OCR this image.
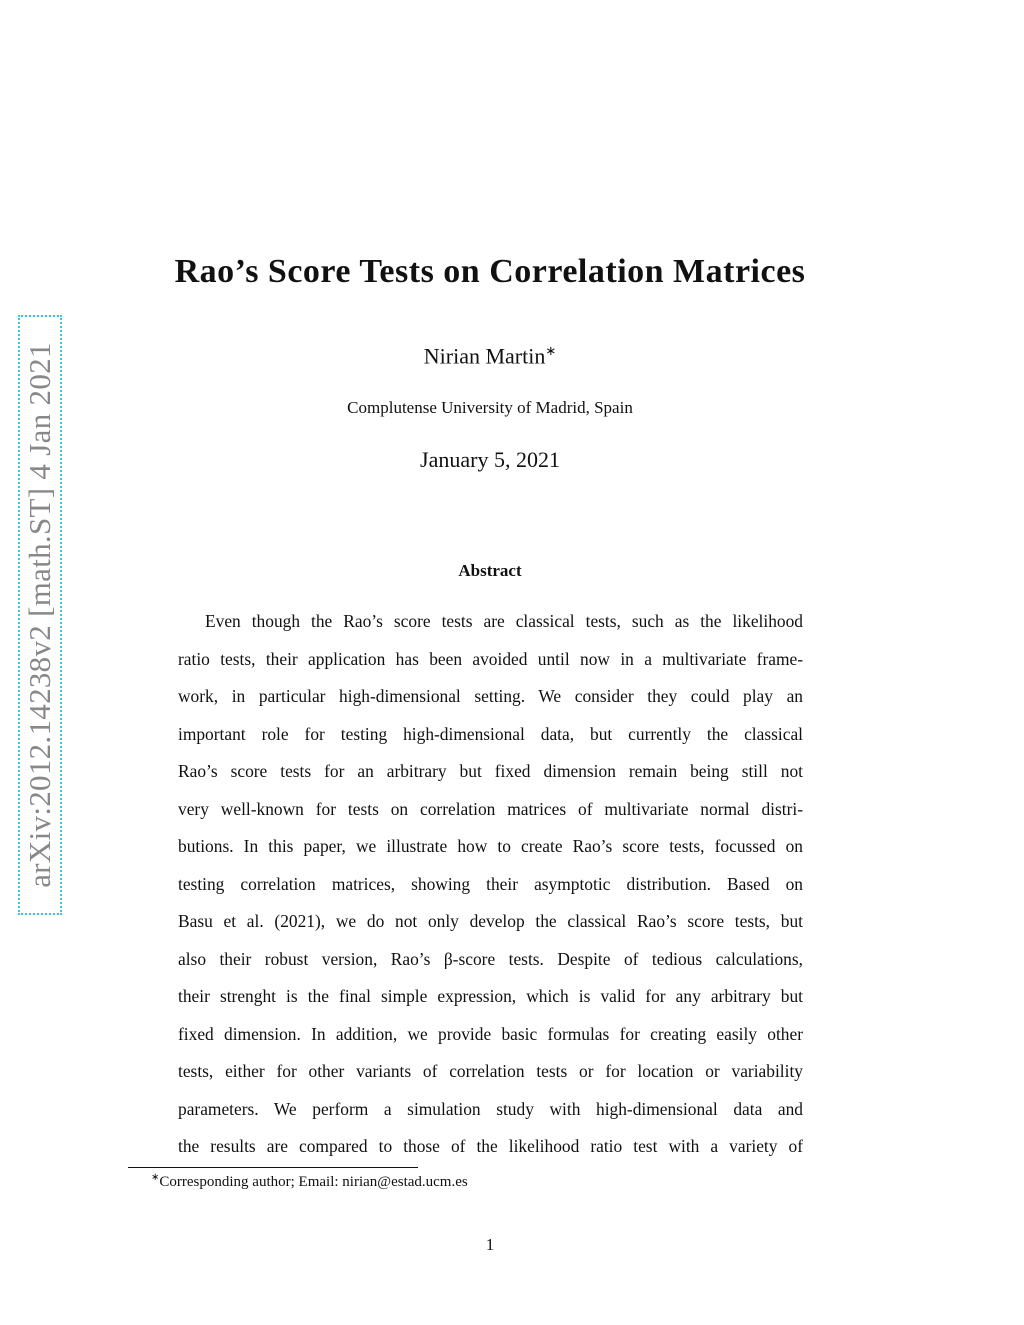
arXiv:2012.14238v2 [math.ST] 4 Jan 2021
Rao’s Score Tests on Correlation Matrices
Nirian Martin∗
Complutense University of Madrid, Spain
January 5, 2021
Abstract
Even though the Rao’s score tests are classical tests, such as the likelihood
ratio tests, their application has been avoided until now in a multivariate frame-
work, in particular high-dimensional setting. We consider they could play an
important role for testing high-dimensional data, but currently the classical
Rao’s score tests for an arbitrary but fixed dimension remain being still not
very well-known for tests on correlation matrices of multivariate normal distri-
butions. In this paper, we illustrate how to create Rao’s score tests, focussed on
testing correlation matrices, showing their asymptotic distribution. Based on
Basu et al. (2021), we do not only develop the classical Rao’s score tests, but
also their robust version, Rao’s β-score tests. Despite of tedious calculations,
their strenght is the final simple expression, which is valid for any arbitrary but
fixed dimension. In addition, we provide basic formulas for creating easily other
tests, either for other variants of correlation tests or for location or variability
parameters. We perform a simulation study with high-dimensional data and
the results are compared to those of the likelihood ratio test with a variety of
∗Corresponding author; Email: nirian@estad.ucm.es
1
